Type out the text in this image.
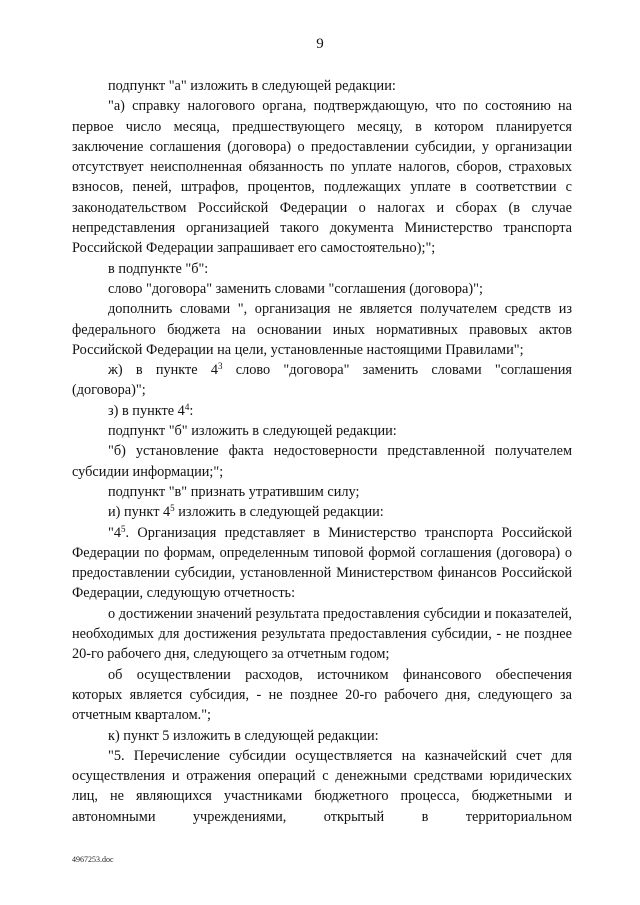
9

подпункт "а" изложить в следующей редакции:

"а) справку налогового органа, подтверждающую, что по состоянию на первое число месяца, предшествующего месяцу, в котором планируется заключение соглашения (договора) о предоставлении субсидии, у организации отсутствует неисполненная обязанность по уплате налогов, сборов, страховых взносов, пеней, штрафов, процентов, подлежащих уплате в соответствии с законодательством Российской Федерации о налогах и сборах (в случае непредставления организацией такого документа Министерство транспорта Российской Федерации запрашивает его самостоятельно);";

в подпункте "б":

слово "договора" заменить словами "соглашения (договора)";

дополнить словами ", организация не является получателем средств из федерального бюджета на основании иных нормативных правовых актов Российской Федерации на цели, установленные настоящими Правилами";

ж) в пункте $4^3$ слово "договора" заменить словами "соглашения (договора)";

з) в пункте $4^4$:

подпункт "б" изложить в следующей редакции:

"б) установление факта недостоверности представленной получателем субсидии информации;";

подпункт "в" признать утратившим силу;

и) пункт $4^5$ изложить в следующей редакции:

"$4^5$. Организация представляет в Министерство транспорта Российской Федерации по формам, определенным типовой формой соглашения (договора) о предоставлении субсидии, установленной Министерством финансов Российской Федерации, следующую отчетность:

о достижении значений результата предоставления субсидии и показателей, необходимых для достижения результата предоставления субсидии, - не позднее 20-го рабочего дня, следующего за отчетным годом;

об осуществлении расходов, источником финансового обеспечения которых является субсидия, - не позднее 20-го рабочего дня, следующего за отчетным кварталом.";

к) пункт 5 изложить в следующей редакции:

"5. Перечисление субсидии осуществляется на казначейский счет для осуществления и отражения операций с денежными средствами юридических лиц, не являющихся участниками бюджетного процесса, бюджетными и автономными учреждениями, открытый в территориальном

4967253.doc
